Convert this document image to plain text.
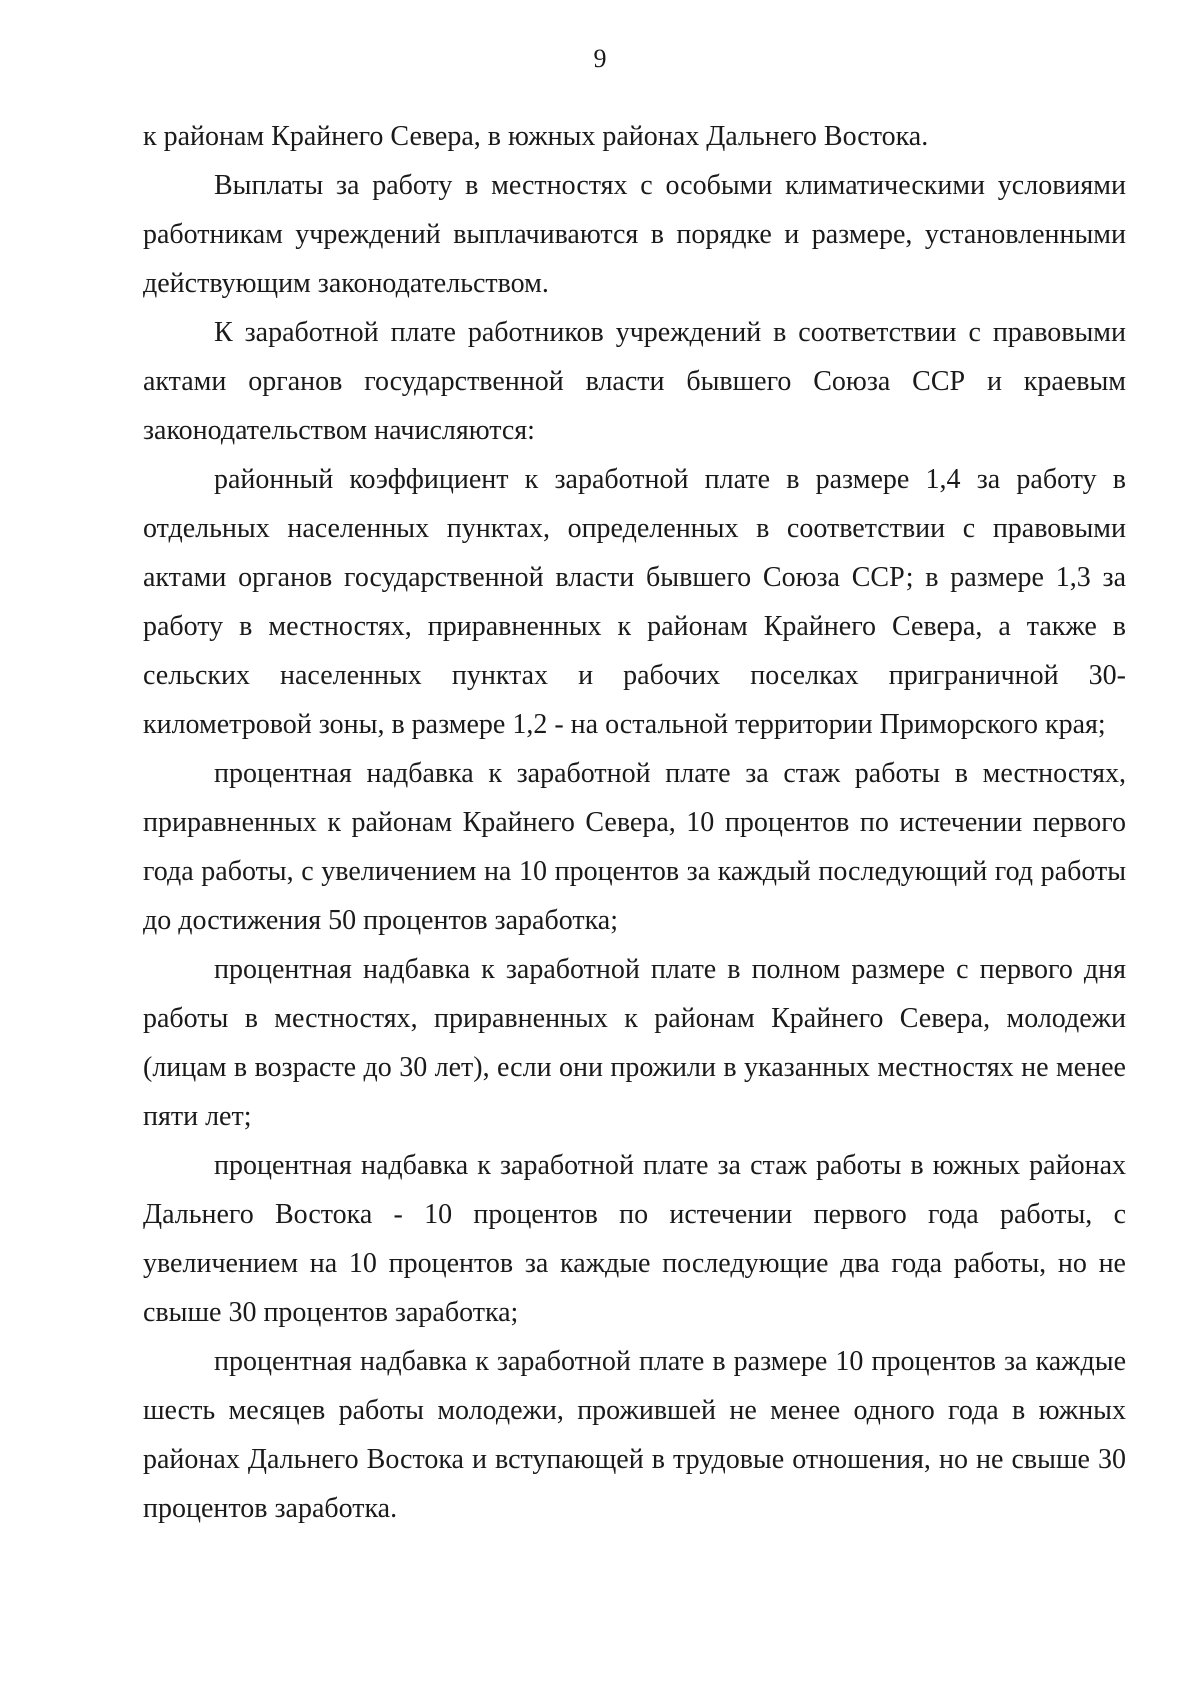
9

к районам Крайнего Севера, в южных районах Дальнего Востока.

Выплаты за работу в местностях с особыми климатическими условиями работникам учреждений выплачиваются в порядке и размере, установленными действующим законодательством.

К заработной плате работников учреждений в соответствии с правовыми актами органов государственной власти бывшего Союза ССР и краевым законодательством начисляются:

районный коэффициент к заработной плате в размере 1,4 за работу в отдельных населенных пунктах, определенных в соответствии с правовыми актами органов государственной власти бывшего Союза ССР; в размере 1,3 за работу в местностях, приравненных к районам Крайнего Севера, а также в сельских населенных пунктах и рабочих поселках приграничной 30-километровой зоны, в размере 1,2 - на остальной территории Приморского края;

процентная надбавка к заработной плате за стаж работы в местностях, приравненных к районам Крайнего Севера, 10 процентов по истечении первого года работы, с увеличением на 10 процентов за каждый последующий год работы до достижения 50 процентов заработка;

процентная надбавка к заработной плате в полном размере с первого дня работы в местностях, приравненных к районам Крайнего Севера, молодежи (лицам в возрасте до 30 лет), если они прожили в указанных местностях не менее пяти лет;

процентная надбавка к заработной плате за стаж работы в южных районах Дальнего Востока - 10 процентов по истечении первого года работы, с увеличением на 10 процентов за каждые последующие два года работы, но не свыше 30 процентов заработка;

процентная надбавка к заработной плате в размере 10 процентов за каждые шесть месяцев работы молодежи, прожившей не менее одного года в южных районах Дальнего Востока и вступающей в трудовые отношения, но не свыше 30 процентов заработка.
